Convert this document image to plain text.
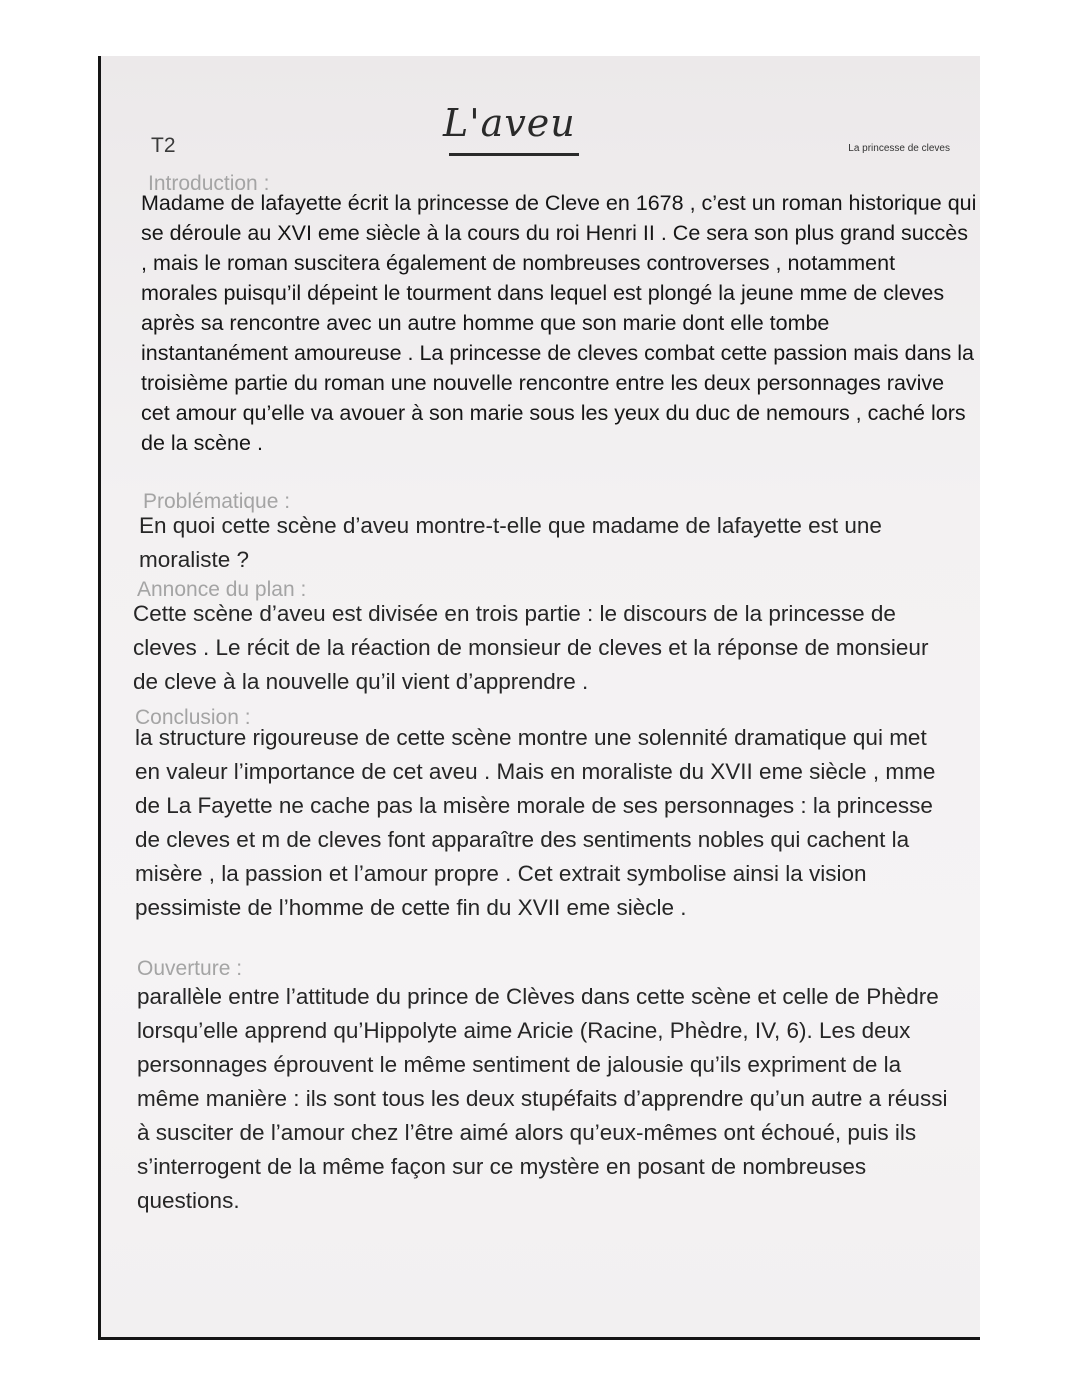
T2
L'aveu
La princesse de cleves
Introduction :

Madame de lafayette écrit la princesse de Cleve en 1678 , c’est un roman historique qui se déroule au XVI eme siècle à la cours du roi Henri II . Ce sera son plus grand succès , mais le roman suscitera également de nombreuses controverses , notamment morales puisqu’il dépeint le tourment dans lequel est plongé la jeune mme de cleves après sa rencontre avec un autre homme que son marie dont elle tombe instantanément amoureuse . La princesse de cleves combat cette passion mais dans la troisième partie du roman une nouvelle rencontre entre les deux personnages ravive cet amour qu’elle va avouer à son marie sous les yeux du duc de nemours , caché lors de la scène .

Problématique :

En quoi cette scène d’aveu montre-t-elle que madame de lafayette est une moraliste ?

Annonce du plan :

Cette scène d’aveu est divisée en trois partie : le discours de la princesse de cleves . Le récit de la réaction de monsieur de cleves et la réponse de monsieur de cleve à la nouvelle qu’il vient d’apprendre .

Conclusion :

la structure rigoureuse de cette scène montre une solennité dramatique qui met en valeur l’importance de cet aveu . Mais en moraliste du XVII eme siècle , mme de La Fayette ne cache pas la misère morale de ses personnages : la princesse de cleves et m de cleves font apparaître des sentiments nobles qui cachent la misère , la passion et l’amour propre . Cet extrait symbolise ainsi la vision pessimiste de l’homme de cette fin du XVII eme siècle .

Ouverture :

parallèle entre l’attitude du prince de Clèves dans cette scène et celle de Phèdre lorsqu’elle apprend qu’Hippolyte aime Aricie (Racine, Phèdre, IV, 6). Les deux personnages éprouvent le même sentiment de jalousie qu’ils expriment de la même manière : ils sont tous les deux stupéfaits d’apprendre qu’un autre a réussi à susciter de l’amour chez l’être aimé alors qu’eux-mêmes ont échoué, puis ils s’interrogent de la même façon sur ce mystère en posant de nombreuses questions.
